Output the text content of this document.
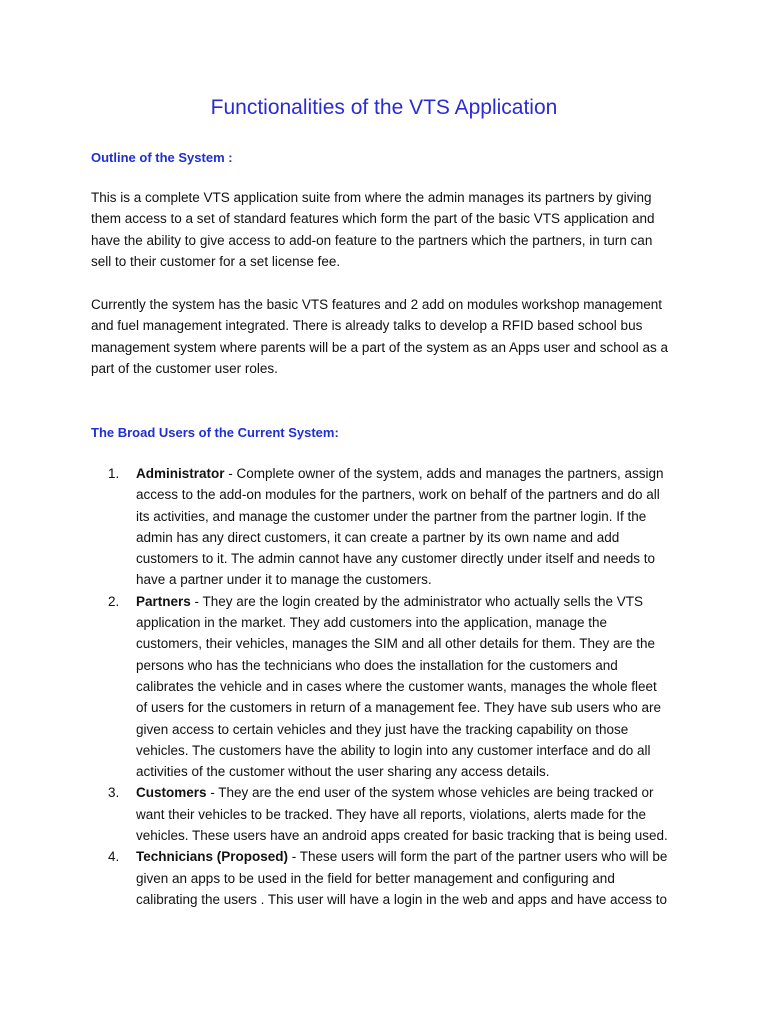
Functionalities of the VTS Application
Outline of the System :
This is a complete VTS application suite from where the admin manages its partners by giving
them access to a set of standard features which form the part of the basic VTS application and
have the ability to give access to add-on feature to the partners which the partners, in turn can
sell to their customer for a set license fee.
Currently the system has the basic VTS features and 2 add on modules workshop management
and fuel management integrated. There is already talks to develop a RFID based school bus
management system where parents will be a part of the system as an Apps user and school as a
part of the customer user roles.
The Broad Users of the Current System:
1. Administrator - Complete owner of the system, adds and manages the partners, assign
access to the add-on modules for the partners, work on behalf of the partners and do all
its activities, and manage the customer under the partner from the partner login. If the
admin has any direct customers, it can create a partner by its own name and add
customers to it. The admin cannot have any customer directly under itself and needs to
have a partner under it to manage the customers.
2. Partners - They are the login created by the administrator who actually sells the VTS
application in the market. They add customers into the application, manage the
customers, their vehicles, manages the SIM and all other details for them. They are the
persons who has the technicians who does the installation for the customers and
calibrates the vehicle and in cases where the customer wants, manages the whole fleet
of users for the customers in return of a management fee. They have sub users who are
given access to certain vehicles and they just have the tracking capability on those
vehicles. The customers have the ability to login into any customer interface and do all
activities of the customer without the user sharing any access details.
3. Customers - They are the end user of the system whose vehicles are being tracked or
want their vehicles to be tracked. They have all reports, violations, alerts made for the
vehicles. These users have an android apps created for basic tracking that is being used.
4. Technicians (Proposed) - These users will form the part of the partner users who will be
given an apps to be used in the field for better management and configuring and
calibrating the users . This user will have a login in the web and apps and have access to
